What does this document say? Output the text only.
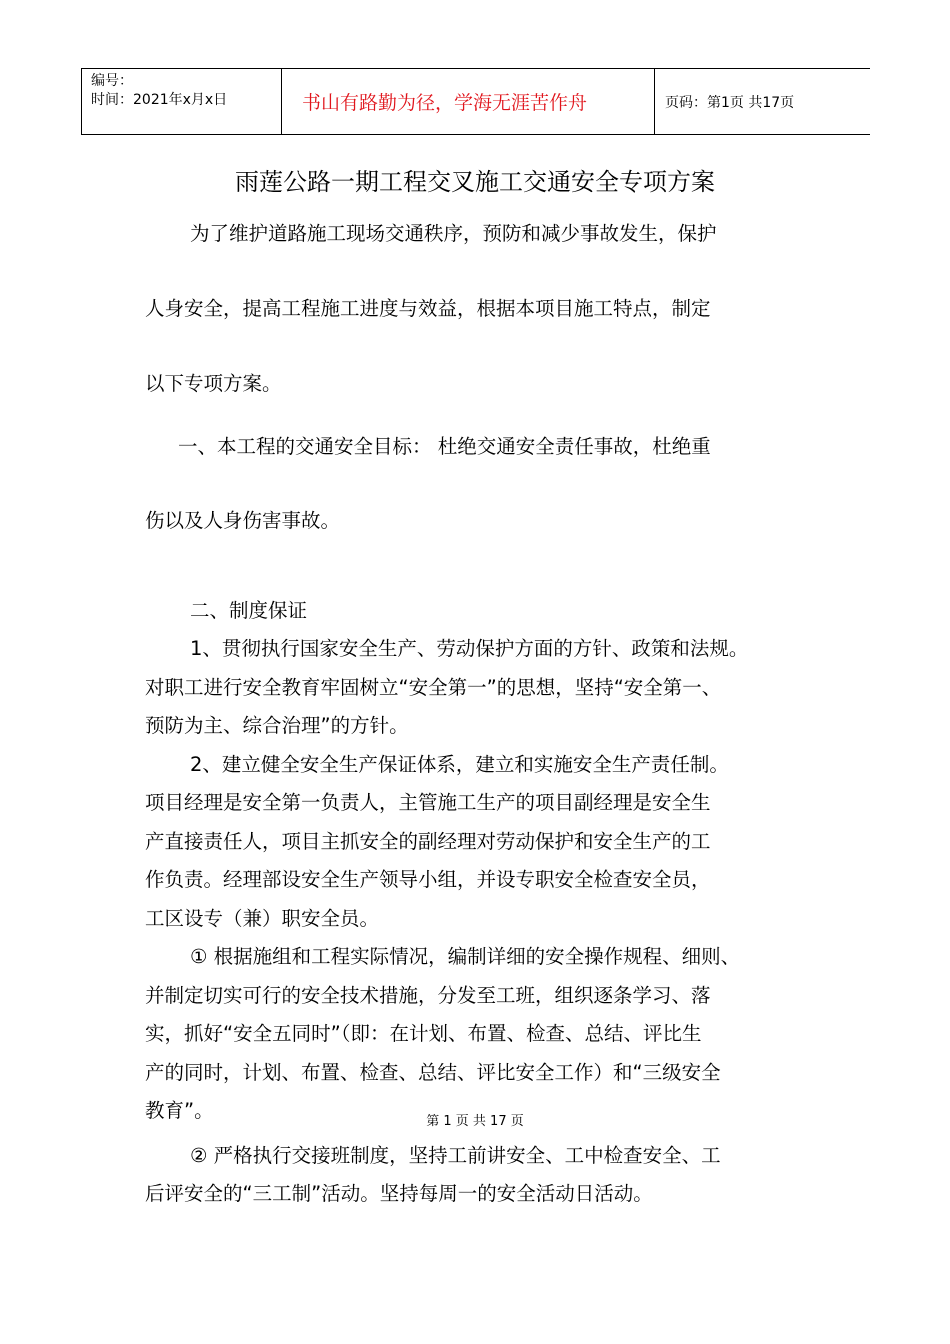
编号：
时间：2021年x月x日	书山有路勤为径，学海无涯苦作舟	页码：第1页 共17页
雨莲公路一期工程交叉施工交通安全专项方案
为了维护道路施工现场交通秩序，预防和减少事故发生，保护
人身安全，提高工程施工进度与效益，根据本项目施工特点，制定
以下专项方案。
一、本工程的交通安全目标： 杜绝交通安全责任事故，杜绝重
伤以及人身伤害事故。
二、制度保证
1、贯彻执行国家安全生产、劳动保护方面的方针、政策和法规。
对职工进行安全教育牢固树立“安全第一”的思想，坚持“安全第一、
预防为主、综合治理”的方针。
2、建立健全安全生产保证体系，建立和实施安全生产责任制。
项目经理是安全第一负责人，主管施工生产的项目副经理是安全生
产直接责任人，项目主抓安全的副经理对劳动保护和安全生产的工
作负责。经理部设安全生产领导小组，并设专职安全检查安全员，
工区设专（兼）职安全员。
① 根据施组和工程实际情况，编制详细的安全操作规程、细则、
并制定切实可行的安全技术措施，分发至工班，组织逐条学习、落
实，抓好“安全五同时”（即：在计划、布置、检查、总结、评比生
产的同时，计划、布置、检查、总结、评比安全工作）和“三级安全
教育”。
② 严格执行交接班制度，坚持工前讲安全、工中检查安全、工
后评安全的“三工制”活动。坚持每周一的安全活动日活动。
第 1 页 共 17 页
